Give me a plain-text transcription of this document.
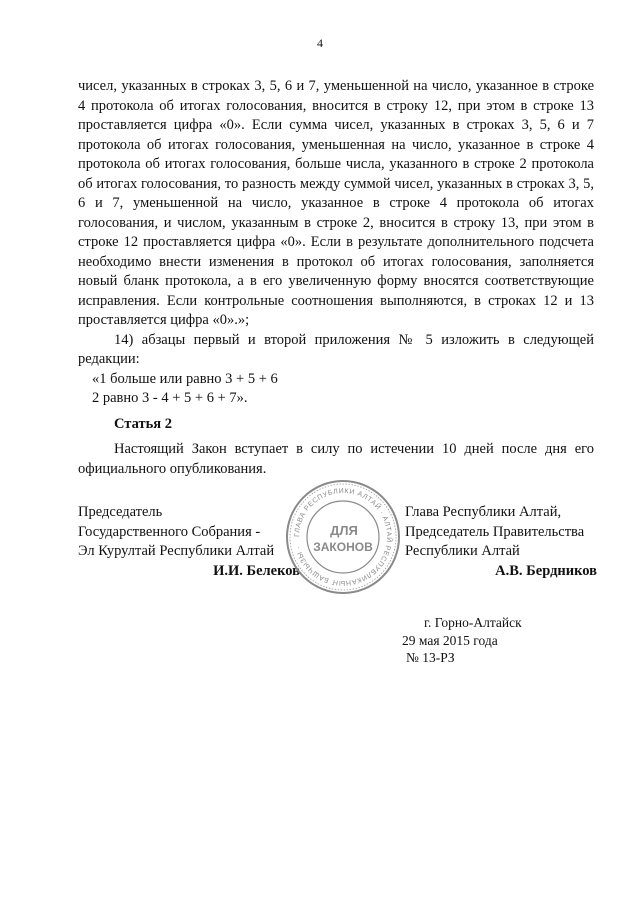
4

чисел, указанных в строках 3, 5, 6 и 7, уменьшенной на число, указанное в строке 4 протокола об итогах голосования, вносится в строку 12, при этом в строке 13 проставляется цифра «0». Если сумма чисел, указанных в строках 3, 5, 6 и 7 протокола об итогах голосования, уменьшенная на число, указанное в строке 4 протокола об итогах голосования, больше числа, указанного в строке 2 протокола об итогах голосования, то разность между суммой чисел, указанных в строках 3, 5, 6 и 7, уменьшенной на число, указанное в строке 4 протокола об итогах голосования, и числом, указанным в строке 2, вносится в строку 13, при этом в строке 12 проставляется цифра «0». Если в результате дополнительного подсчета необходимо внести изменения в протокол об итогах голосования, заполняется новый бланк протокола, а в его увеличенную форму вносятся соответствующие исправления. Если контрольные соотношения выполняются, в строках 12 и 13 проставляется цифра «0».»;

14) абзацы первый и второй приложения № 5 изложить в следующей редакции:

«1 больше или равно 3 + 5 + 6
2 равно 3 - 4 + 5 + 6 + 7».

Статья 2

Настоящий Закон вступает в силу по истечении 10 дней после дня его официального опубликования.

Председатель
Государственного Собрания -
Эл Курултай Республики Алтай
И.И. Белеков
ГЛАВА РЕСПУБЛИКИ АЛТАЙ · АЛТАЙ РЕСПУБЛИКАНЫҤ БАШЧЫЗЫ ·
ДЛЯ
ЗАКОНОВ
Глава Республики Алтай,
Председатель Правительства
Республики Алтай
А.В. Бердников
г. Горно-Алтайск
29 мая 2015 года
№ 13-РЗ
